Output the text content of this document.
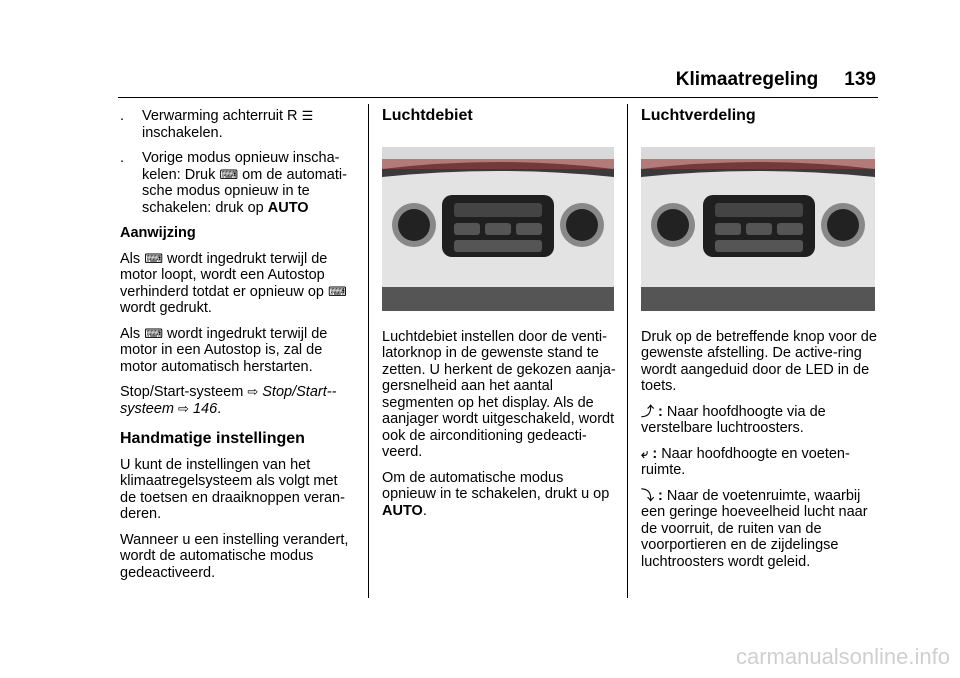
Klimaatregeling 139
.	Verwarming achterruit R ☰
inschakelen.
.	Vorige modus opnieuw inscha-kelen: Druk ⌨ om de automati-sche modus opnieuw in te schakelen: druk op AUTO

Aanwijzing

Als ⌨ wordt ingedrukt terwijl de motor loopt, wordt een Autostop verhinderd totdat er opnieuw op ⌨ wordt gedrukt.

Als ⌨ wordt ingedrukt terwijl de motor in een Autostop is, zal de motor automatisch herstarten.

Stop/Start-systeem ⇨ Stop/Start--systeem ⇨ 146.

Handmatige instellingen

U kunt de instellingen van het klimaatregelsysteem als volgt met de toetsen en draaiknoppen veran-deren.

Wanneer u een instelling verandert, wordt de automatische modus gedeactiveerd.

Luchtdebiet

Luchtdebiet instellen door de venti-latorknop in de gewenste stand te zetten. U herkent de gekozen aanja-gersnelheid aan het aantal segmenten op het display. Als de aanjager wordt uitgeschakeld, wordt ook de airconditioning gedeacti-veerd.

Om de automatische modus opnieuw in te schakelen, drukt u op AUTO.

Luchtverdeling

Druk op de betreffende knop voor de gewenste afstelling. De active-ring wordt aangeduid door de LED in de toets.

⤴ : Naar hoofdhoogte via de verstelbare luchtroosters.

⤶ : Naar hoofdhoogte en voeten-ruimte.

⤵ : Naar de voetenruimte, waarbij een geringe hoeveelheid lucht naar de voorruit, de ruiten van de voorportieren en de zijdelingse luchtroosters wordt geleid.

carmanualsonline.info
